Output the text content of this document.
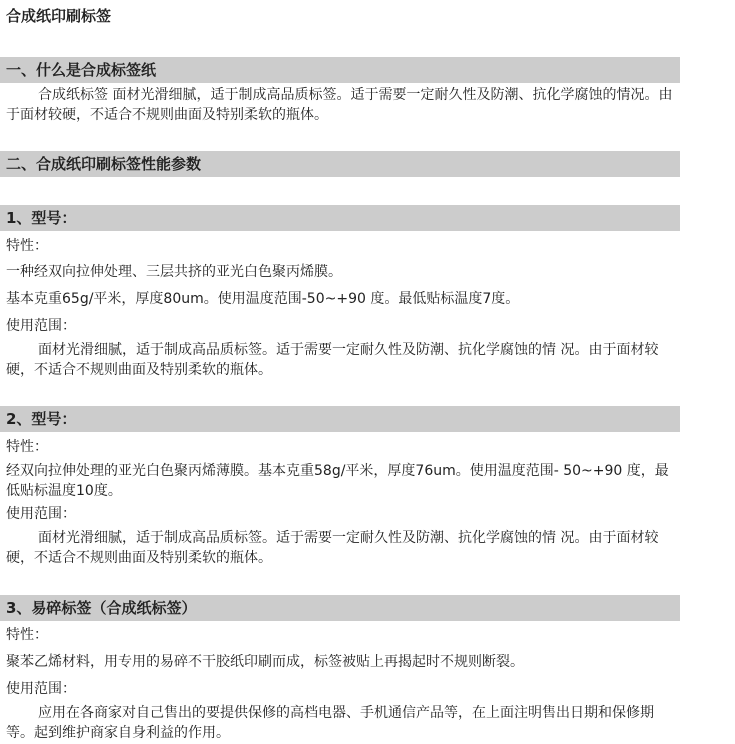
合成纸印刷标签
一、什么是合成标签纸

合成纸标签 面材光滑细腻，适于制成高品质标签。适于需要一定耐久性及防潮、抗化学腐蚀的情况。由于面材较硬，不适合不规则曲面及特别柔软的瓶体。

二、合成纸印刷标签性能参数
1、型号：

特性：

一种经双向拉伸处理、三层共挤的亚光白色聚丙烯膜。

基本克重65g/平米，厚度80um。使用温度范围-50~+90 度。最低贴标温度7度。

使用范围：

面材光滑细腻，适于制成高品质标签。适于需要一定耐久性及防潮、抗化学腐蚀的情 况。由于面材较硬，不适合不规则曲面及特别柔软的瓶体。

2、型号：

特性：

经双向拉伸处理的亚光白色聚丙烯薄膜。基本克重58g/平米，厚度76um。使用温度范围- 50~+90 度，最低贴标温度10度。

使用范围：

面材光滑细腻，适于制成高品质标签。适于需要一定耐久性及防潮、抗化学腐蚀的情 况。由于面材较硬，不适合不规则曲面及特别柔软的瓶体。

3、易碎标签（合成纸标签）

特性：

聚苯乙烯材料，用专用的易碎不干胶纸印刷而成，标签被贴上再揭起时不规则断裂。

使用范围：

应用在各商家对自己售出的要提供保修的高档电器、手机通信产品等，在上面注明售出日期和保修期等。起到维护商家自身利益的作用。
